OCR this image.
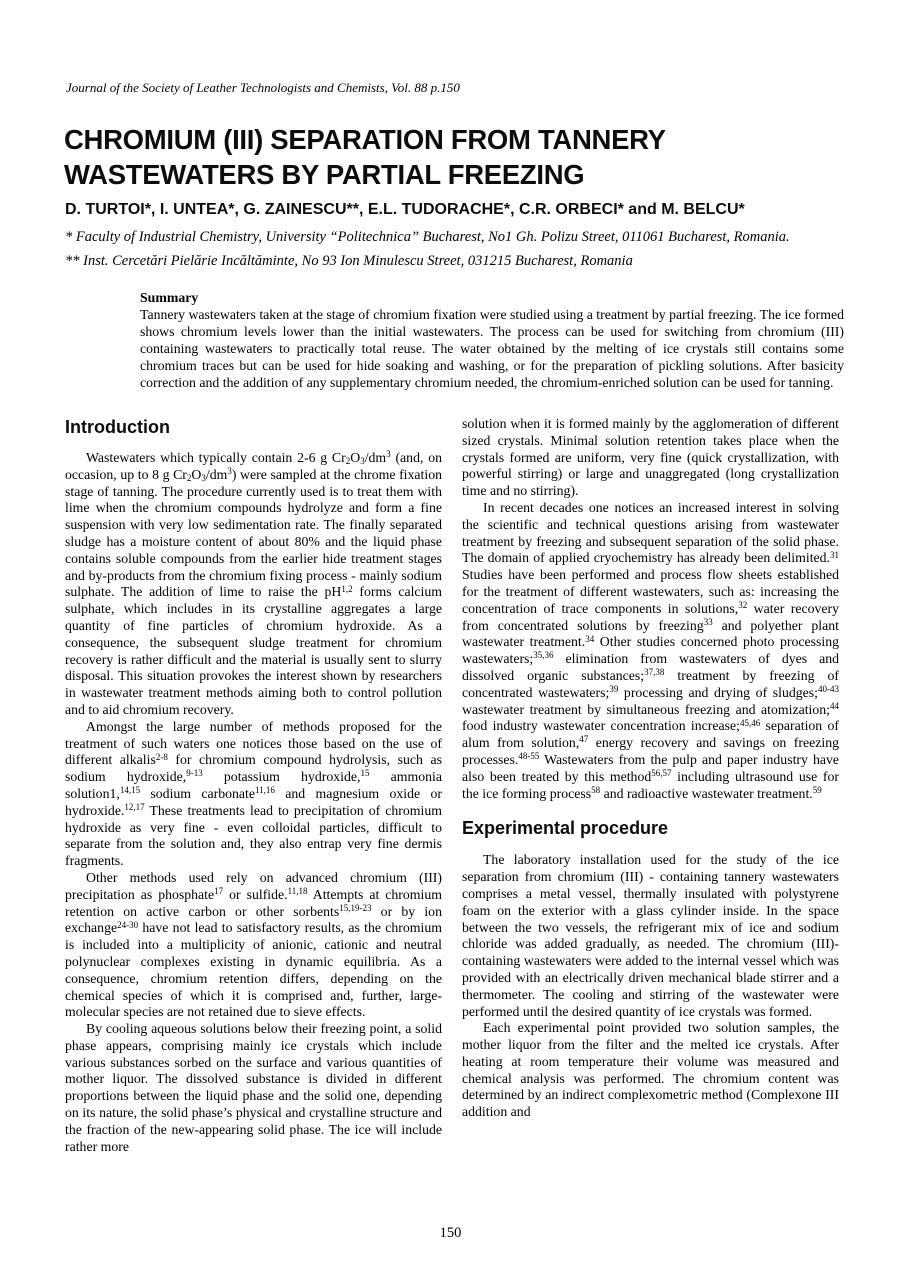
Journal of the Society of Leather Technologists and Chemists, Vol. 88 p.150
CHROMIUM (III) SEPARATION FROM TANNERY
WASTEWATERS BY PARTIAL FREEZING
D. TURTOI*, I. UNTEA*, G. ZAINESCU**, E.L. TUDORACHE*, C.R. ORBECI* and M. BELCU*
* Faculty of Industrial Chemistry, University “Politechnica” Bucharest, No1 Gh. Polizu Street, 011061 Bucharest, Romania.
** Inst. Cercetări Pielărie Incăltăminte, No 93 Ion Minulescu Street, 031215 Bucharest, Romania
Summary

Tannery wastewaters taken at the stage of chromium fixation were studied using a treatment by partial freezing. The ice formed shows chromium levels lower than the initial wastewaters. The process can be used for switching from chromium (III) containing wastewaters to practically total reuse. The water obtained by the melting of ice crystals still contains some chromium traces but can be used for hide soaking and washing, or for the preparation of pickling solutions. After basicity correction and the addition of any supplementary chromium needed, the chromium-enriched solution can be used for tanning.

Introduction

Wastewaters which typically contain 2-6 g $Cr_2O_3/dm^3$ (and, on occasion, up to 8 g $Cr_2O_3/dm^3$) were sampled at the chrome fixation stage of tanning. The procedure currently used is to treat them with lime when the chromium compounds hydrolyze and form a fine suspension with very low sedimentation rate. The finally separated sludge has a moisture content of about 80% and the liquid phase contains soluble compounds from the earlier hide treatment stages and by-products from the chromium fixing process - mainly sodium sulphate. The addition of lime to raise the pH$^{1,2}$ forms calcium sulphate, which includes in its crystalline aggregates a large quantity of fine particles of chromium hydroxide. As a consequence, the subsequent sludge treatment for chromium recovery is rather difficult and the material is usually sent to slurry disposal. This situation provokes the interest shown by researchers in wastewater treatment methods aiming both to control pollution and to aid chromium recovery.

Amongst the large number of methods proposed for the treatment of such waters one notices those based on the use of different alkalis$^{2-8}$ for chromium compound hydrolysis, such as sodium hydroxide,$^{9-13}$ potassium hydroxide,$^{15}$ ammonia solution1,$^{14,15}$ sodium carbonate$^{11,16}$ and magnesium oxide or hydroxide.$^{12,17}$ These treatments lead to precipitation of chromium hydroxide as very fine - even colloidal particles, difficult to separate from the solution and, they also entrap very fine dermis fragments.

Other methods used rely on advanced chromium (III) precipitation as phosphate$^{17}$ or sulfide.$^{11,18}$ Attempts at chromium retention on active carbon or other sorbents$^{15,19-23}$ or by ion exchange$^{24-30}$ have not lead to satisfactory results, as the chromium is included into a multiplicity of anionic, cationic and neutral polynuclear complexes existing in dynamic equilibria. As a consequence, chromium retention differs, depending on the chemical species of which it is comprised and, further, large-molecular species are not retained due to sieve effects.

By cooling aqueous solutions below their freezing point, a solid phase appears, comprising mainly ice crystals which include various substances sorbed on the surface and various quantities of mother liquor. The dissolved substance is divided in different proportions between the liquid phase and the solid one, depending on its nature, the solid phase’s physical and crystalline structure and the fraction of the new-appearing solid phase. The ice will include rather more

solution when it is formed mainly by the agglomeration of different sized crystals. Minimal solution retention takes place when the crystals formed are uniform, very fine (quick crystallization, with powerful stirring) or large and unaggregated (long crystallization time and no stirring).

In recent decades one notices an increased interest in solving the scientific and technical questions arising from wastewater treatment by freezing and subsequent separation of the solid phase. The domain of applied cryochemistry has already been delimited.$^{31}$ Studies have been performed and process flow sheets established for the treatment of different wastewaters, such as: increasing the concentration of trace components in solutions,$^{32}$ water recovery from concentrated solutions by freezing$^{33}$ and polyether plant wastewater treatment.$^{34}$ Other studies concerned photo processing wastewaters;$^{35,36}$ elimination from wastewaters of dyes and dissolved organic substances;$^{37,38}$ treatment by freezing of concentrated wastewaters;$^{39}$ processing and drying of sludges;$^{40-43}$ wastewater treatment by simultaneous freezing and atomization;$^{44}$ food industry wastewater concentration increase;$^{45,46}$ separation of alum from solution,$^{47}$ energy recovery and savings on freezing processes.$^{48-55}$ Wastewaters from the pulp and paper industry have also been treated by this method$^{56,57}$ including ultrasound use for the ice forming process$^{58}$ and radioactive wastewater treatment.$^{59}$

Experimental procedure

The laboratory installation used for the study of the ice separation from chromium (III) - containing tannery wastewaters comprises a metal vessel, thermally insulated with polystyrene foam on the exterior with a glass cylinder inside. In the space between the two vessels, the refrigerant mix of ice and sodium chloride was added gradually, as needed. The chromium (III)-containing wastewaters were added to the internal vessel which was provided with an electrically driven mechanical blade stirrer and a thermometer. The cooling and stirring of the wastewater were performed until the desired quantity of ice crystals was formed.

Each experimental point provided two solution samples, the mother liquor from the filter and the melted ice crystals. After heating at room temperature their volume was measured and chemical analysis was performed. The chromium content was determined by an indirect complexometric method (Complexone III addition and

150
